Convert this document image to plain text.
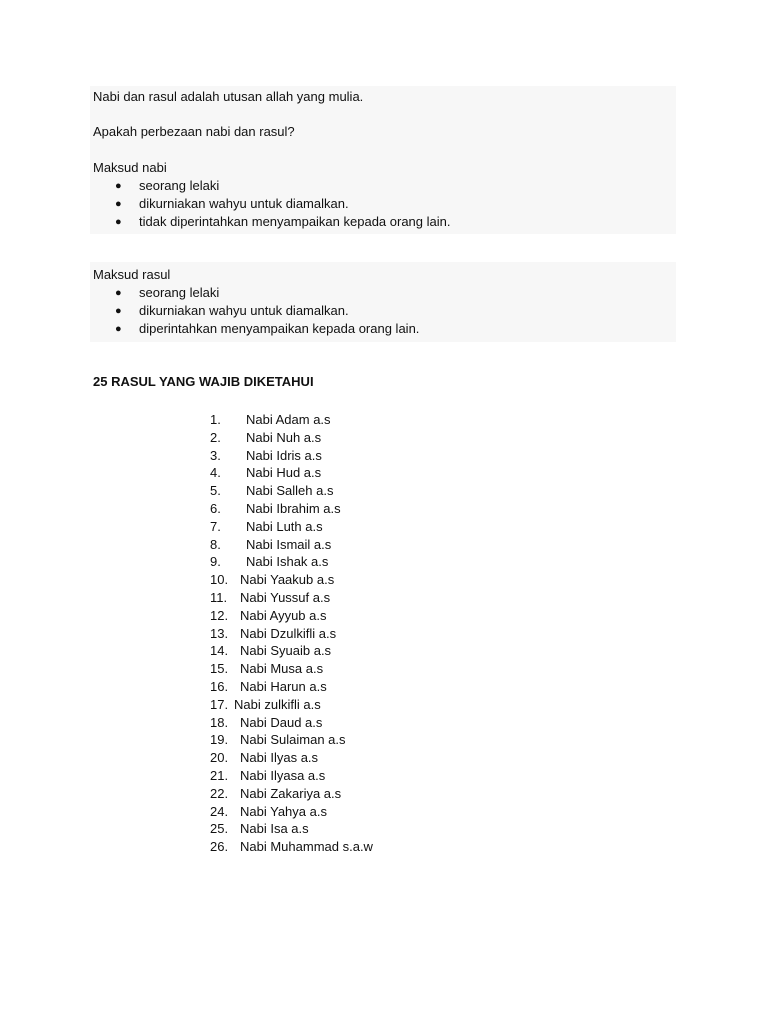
Nabi dan rasul adalah utusan allah yang mulia.

Apakah perbezaan nabi dan rasul?

Maksud nabi

● seorang lelaki
● dikurniakan wahyu untuk diamalkan.
● tidak diperintahkan menyampaikan kepada orang lain.

Maksud rasul

● seorang lelaki
● dikurniakan wahyu untuk diamalkan.
● diperintahkan menyampaikan kepada orang lain.

25 RASUL YANG WAJIB DIKETAHUI

1. Nabi Adam a.s
2. Nabi Nuh a.s
3. Nabi Idris a.s
4. Nabi Hud a.s
5. Nabi Salleh a.s
6. Nabi Ibrahim a.s
7. Nabi Luth a.s
8. Nabi Ismail a.s
9. Nabi Ishak a.s
10. Nabi Yaakub a.s
11. Nabi Yussuf a.s
12. Nabi Ayyub a.s
13. Nabi Dzulkifli a.s
14. Nabi Syuaib a.s
15. Nabi Musa a.s
16. Nabi Harun a.s
17. Nabi zulkifli a.s
18. Nabi Daud a.s
19. Nabi Sulaiman a.s
20. Nabi Ilyas a.s
21. Nabi Ilyasa a.s
22. Nabi Zakariya a.s
24. Nabi Yahya a.s
25. Nabi Isa a.s
26. Nabi Muhammad s.a.w
